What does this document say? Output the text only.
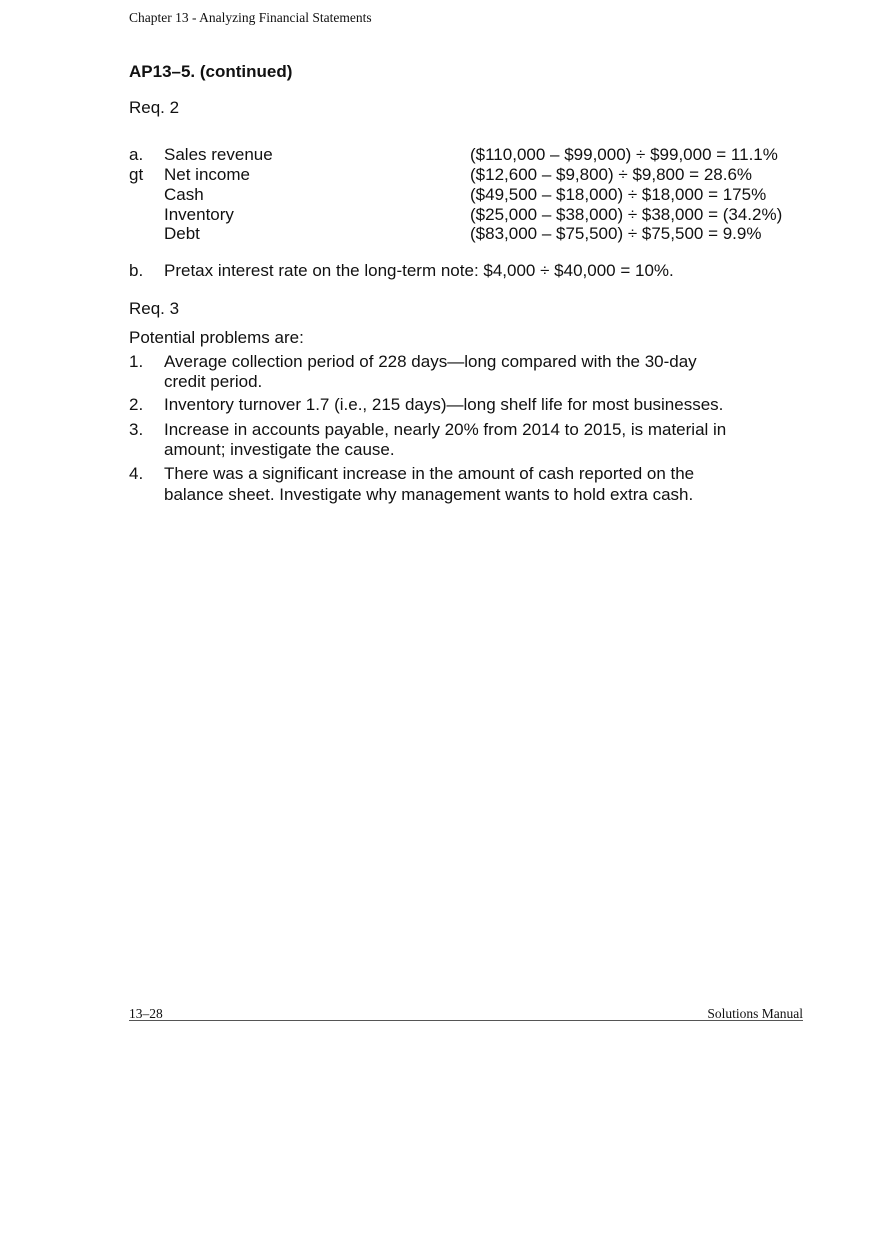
Chapter 13 - Analyzing Financial Statements
AP13–5. (continued)
Req. 2
a. Sales revenue	($110,000 – $99,000) ÷ $99,000 = 11.1%
gt Net income	($12,600 – $9,800) ÷ $9,800 = 28.6%
Cash	($49,500 – $18,000) ÷ $18,000 = 175%
Inventory	($25,000 – $38,000) ÷ $38,000 = (34.2%)
Debt	($83,000 – $75,500) ÷ $75,500 = 9.9%
b. Pretax interest rate on the long-term note: $4,000 ÷ $40,000 = 10%.
Req. 3
Potential problems are:
1. Average collection period of 228 days—long compared with the 30-day
credit period.
2. Inventory turnover 1.7 (i.e., 215 days)—long shelf life for most businesses.
3. Increase in accounts payable, nearly 20% from 2014 to 2015, is material in
amount; investigate the cause.
4. There was a significant increase in the amount of cash reported on the
balance sheet. Investigate why management wants to hold extra cash.
13–28	Solutions Manual
